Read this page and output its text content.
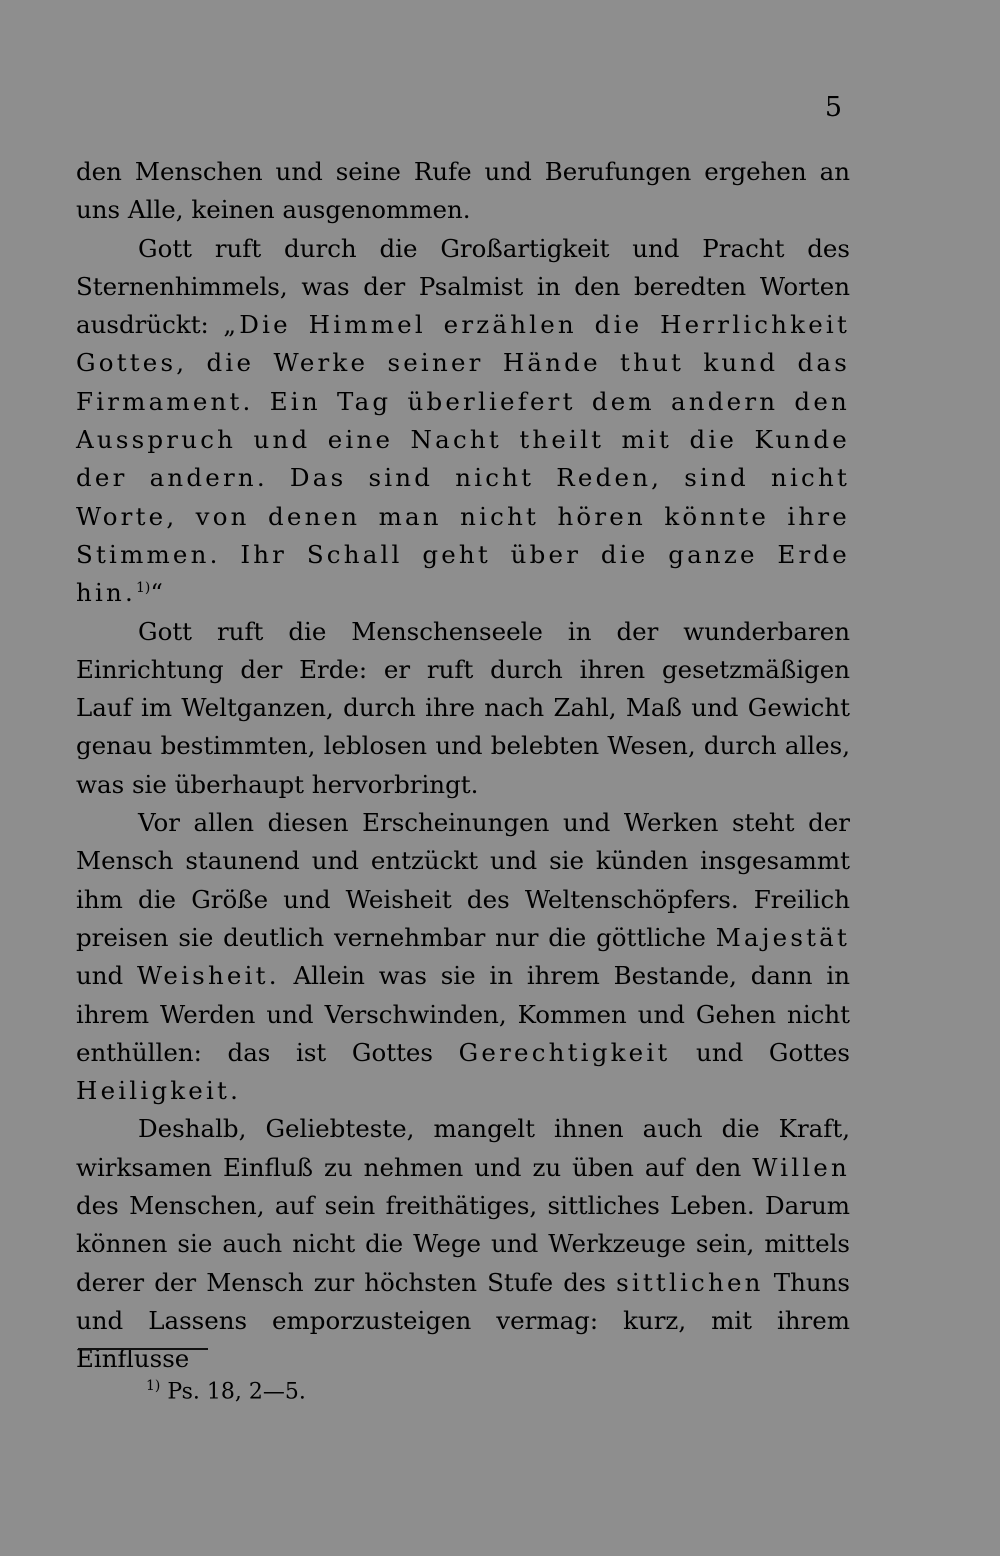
5

den Menschen und seine Rufe und Berufungen ergehen an uns Alle, keinen ausgenommen.

Gott ruft durch die Großartigkeit und Pracht des Sternenhimmels, was der Psalmist in den beredten Worten ausdrückt: „Die Himmel erzählen die Herrlichkeit Gottes, die Werke seiner Hände thut kund das Firmament. Ein Tag überliefert dem andern den Ausspruch und eine Nacht theilt mit die Kunde der andern. Das sind nicht Reden, sind nicht Worte, von denen man nicht hören könnte ihre Stimmen. Ihr Schall geht über die ganze Erde hin.$^{1)}$“

Gott ruft die Menschenseele in der wunderbaren Einrichtung der Erde: er ruft durch ihren gesetzmäßigen Lauf im Weltganzen, durch ihre nach Zahl, Maß und Gewicht genau bestimmten, leblosen und belebten Wesen, durch alles, was sie überhaupt hervorbringt.

Vor allen diesen Erscheinungen und Werken steht der Mensch staunend und entzückt und sie künden insgesammt ihm die Größe und Weisheit des Weltenschöpfers. Freilich preisen sie deutlich vernehmbar nur die göttliche Majestät und Weisheit. Allein was sie in ihrem Bestande, dann in ihrem Werden und Verschwinden, Kommen und Gehen nicht enthüllen: das ist Gottes Gerechtigkeit und Gottes Heiligkeit.

Deshalb, Geliebteste, mangelt ihnen auch die Kraft, wirksamen Einfluß zu nehmen und zu üben auf den Willen des Menschen, auf sein freithätiges, sittliches Leben. Darum können sie auch nicht die Wege und Werkzeuge sein, mittels derer der Mensch zur höchsten Stufe des sittlichen Thuns und Lassens emporzusteigen vermag: kurz, mit ihrem Einflusse

$^{1)}$ Ps. 18, 2—5.
